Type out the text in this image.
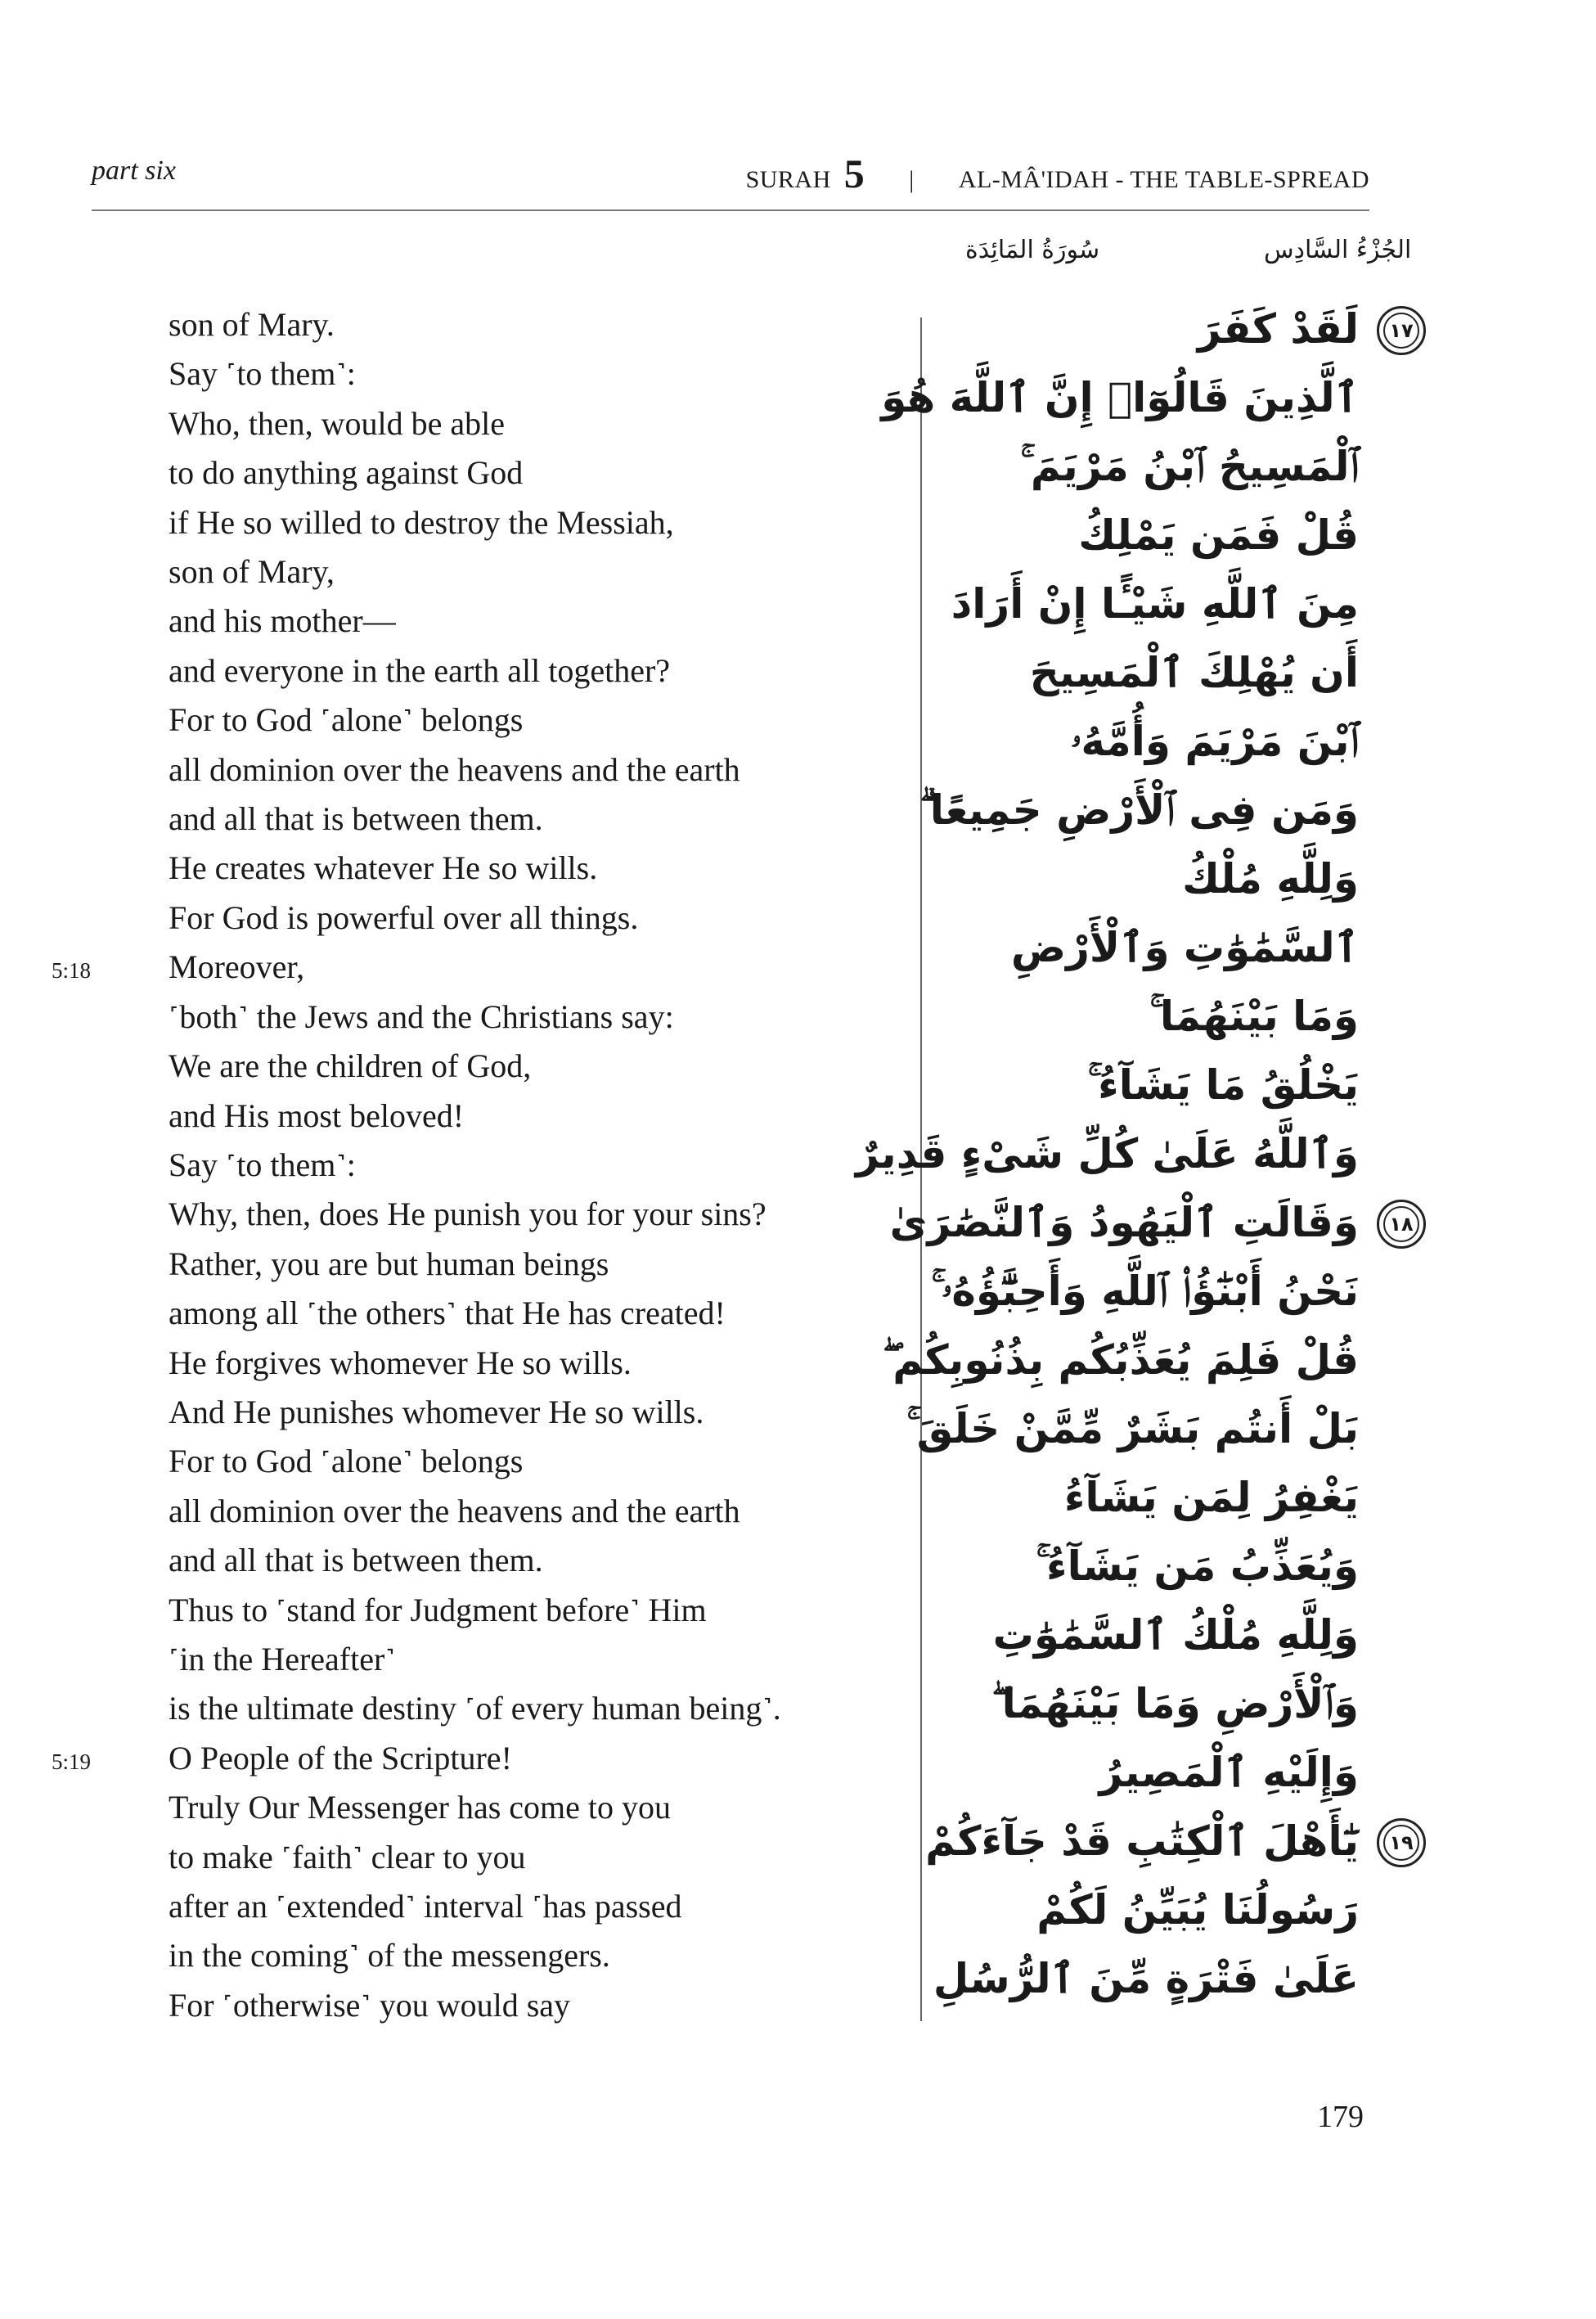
part six	SURAH 5 | AL-MÂ'IDAH - THE TABLE-SPREAD
سُورَةُ المَائِدَة	الجُزْءُ السَّادِس
son of Mary.
Say ˹to them˺:
Who, then, would be able
to do anything against God
if He so willed to destroy the Messiah,
son of Mary,
and his mother—
and everyone in the earth all together?
For to God ˹alone˺ belongs
all dominion over the heavens and the earth
and all that is between them.
He creates whatever He so wills.
For God is powerful over all things.
5:18 Moreover,
˹both˺ the Jews and the Christians say:
We are the children of God,
and His most beloved!
Say ˹to them˺:
Why, then, does He punish you for your sins?
Rather, you are but human beings
among all ˹the others˺ that He has created!
He forgives whomever He so wills.
And He punishes whomever He so wills.
For to God ˹alone˺ belongs
all dominion over the heavens and the earth
and all that is between them.
Thus to ˹stand for Judgment before˺ Him
˹in the Hereafter˺
is the ultimate destiny ˹of every human being˺.
5:19 O People of the Scripture!
Truly Our Messenger has come to you
to make ˹faith˺ clear to you
after an ˹extended˺ interval ˹has passed
in the coming˺ of the messengers.
For ˹otherwise˺ you would say
١٧
لَقَدْ كَفَرَ
ٱلَّذِينَ قَالُوٓا۟ إِنَّ ٱللَّهَ هُوَ
ٱلْمَسِيحُ ٱبْنُ مَرْيَمَ ۚ
قُلْ فَمَن يَمْلِكُ
مِنَ ٱللَّهِ شَيْـًٔا إِنْ أَرَادَ
أَن يُهْلِكَ ٱلْمَسِيحَ
ٱبْنَ مَرْيَمَ وَأُمَّهُۥ
وَمَن فِى ٱلْأَرْضِ جَمِيعًا ۗ
وَلِلَّهِ مُلْكُ
ٱلسَّمَٰوَٰتِ وَٱلْأَرْضِ
وَمَا بَيْنَهُمَا ۚ
يَخْلُقُ مَا يَشَآءُ ۚ
وَٱللَّهُ عَلَىٰ كُلِّ شَىْءٍ قَدِيرٌ
١٨
وَقَالَتِ ٱلْيَهُودُ وَٱلنَّصَٰرَىٰ
نَحْنُ أَبْنَٰٓؤُا۟ ٱللَّهِ وَأَحِبَّٰٓؤُهُۥ ۚ
قُلْ فَلِمَ يُعَذِّبُكُم بِذُنُوبِكُم ۖ
بَلْ أَنتُم بَشَرٌ مِّمَّنْ خَلَقَ ۚ
يَغْفِرُ لِمَن يَشَآءُ
وَيُعَذِّبُ مَن يَشَآءُ ۚ
وَلِلَّهِ مُلْكُ ٱلسَّمَٰوَٰتِ
وَٱلْأَرْضِ وَمَا بَيْنَهُمَا ۖ
وَإِلَيْهِ ٱلْمَصِيرُ
١٩
يَٰٓأَهْلَ ٱلْكِتَٰبِ قَدْ جَآءَكُمْ
رَسُولُنَا يُبَيِّنُ لَكُمْ
عَلَىٰ فَتْرَةٍ مِّنَ ٱلرُّسُلِ
179
